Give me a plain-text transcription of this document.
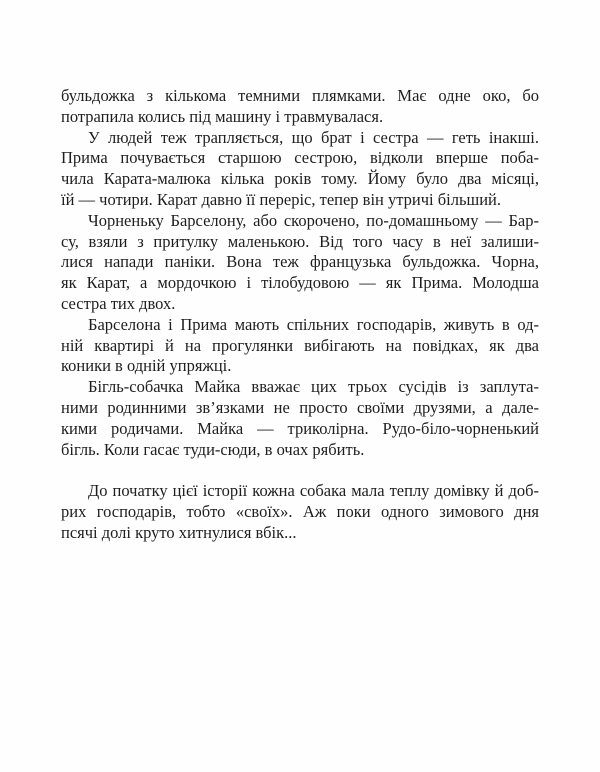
бульдожка з кількома темними плямками. Має одне око, бо
потрапила колись під машину і травмувалася.
У людей теж трапляється, що брат і сестра — геть інакші.
Прима почувається старшою сестрою, відколи вперше поба-
чила Карата-малюка кілька років тому. Йому було два місяці,
їй — чотири. Карат давно її переріс, тепер він утричі більший.
Чорненьку Барселону, або скорочено, по-домашньому — Бар-
су, взяли з притулку маленькою. Від того часу в неї залиши-
лися напади паніки. Вона теж французька бульдожка. Чорна,
як Карат, а мордочкою і тілобудовою — як Прима. Молодша
сестра тих двох.
Барселона і Прима мають спільних господарів, живуть в од-
ній квартирі й на прогулянки вибігають на повідках, як два
коники в одній упряжці.
Бігль-собачка Майка вважає цих трьох сусідів із заплута-
ними родинними зв’язками не просто своїми друзями, а дале-
кими родичами. Майка — триколірна. Рудо-біло-чорненький
бігль. Коли гасає туди-сюди, в очах рябить.
До початку цієї історії кожна собака мала теплу домівку й доб-
рих господарів, тобто «своїх». Аж поки одного зимового дня
псячі долі круто хитнулися вбік...
